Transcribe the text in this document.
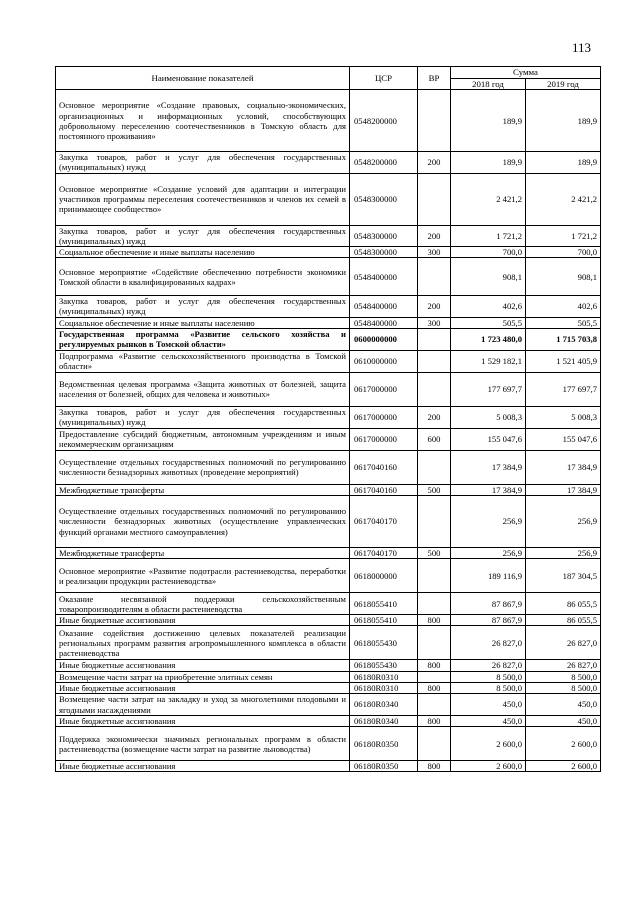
113
Наименование показателей	ЦСР	ВР	Сумма	
			2018 год	2019 год
Основное мероприятие «Создание правовых, социально-экономических, организационных и информационных условий, способствующих добровольному переселению соотечественников в Томскую область для постоянного проживания»	0548200000		189,9	189,9
Закупка товаров, работ и услуг для обеспечения государственных (муниципальных) нужд	0548200000	200	189,9	189,9
Основное мероприятие «Создание условий для адаптации и интеграции участников программы переселения соотечественников и членов их семей в принимающее сообщество»	0548300000		2 421,2	2 421,2
Закупка товаров, работ и услуг для обеспечения государственных (муниципальных) нужд	0548300000	200	1 721,2	1 721,2
Социальное обеспечение и иные выплаты населению	0548300000	300	700,0	700,0
Основное мероприятие «Содействие обеспечению потребности экономики Томской области в квалифицированных кадрах»	0548400000		908,1	908,1
Закупка товаров, работ и услуг для обеспечения государственных (муниципальных) нужд	0548400000	200	402,6	402,6
Социальное обеспечение и иные выплаты населению	0548400000	300	505,5	505,5
Государственная программа «Развитие сельского хозяйства и регулируемых рынков в Томской области»	0600000000		1 723 480,0	1 715 703,8
Подпрограмма «Развитие сельскохозяйственного производства в Томской области»	0610000000		1 529 182,1	1 521 405,9
Ведомственная целевая программа «Защита животных от болезней, защита населения от болезней, общих для человека и животных»	0617000000		177 697,7	177 697,7
Закупка товаров, работ и услуг для обеспечения государственных (муниципальных) нужд	0617000000	200	5 008,3	5 008,3
Предоставление субсидий бюджетным, автономным учреждениям и иным некоммерческим организациям	0617000000	600	155 047,6	155 047,6
Осуществление отдельных государственных полномочий по регулированию численности безнадзорных животных (проведение мероприятий)	0617040160		17 384,9	17 384,9
Межбюджетные трансферты	0617040160	500	17 384,9	17 384,9
Осуществление отдельных государственных полномочий по регулированию численности безнадзорных животных (осуществление управленческих функций органами местного самоуправления)	0617040170		256,9	256,9
Межбюджетные трансферты	0617040170	500	256,9	256,9
Основное мероприятие «Развитие подотрасли растениеводства, переработки и реализации продукции растениеводства»	0618000000		189 116,9	187 304,5
Оказание несвязанной поддержки сельскохозяйственным товаропроизводителям в области растениеводства	0618055410		87 867,9	86 055,5
Иные бюджетные ассигнования	0618055410	800	87 867,9	86 055,5
Оказание содействия достижению целевых показателей реализации региональных программ развития агропромышленного комплекса в области растениеводства	0618055430		26 827,0	26 827,0
Иные бюджетные ассигнования	0618055430	800	26 827,0	26 827,0
Возмещение части затрат на приобретение элитных семян	06180R0310		8 500,0	8 500,0
Иные бюджетные ассигнования	06180R0310	800	8 500,0	8 500,0
Возмещение части затрат на закладку и уход за многолетними плодовыми и ягодными насаждениями	06180R0340		450,0	450,0
Иные бюджетные ассигнования	06180R0340	800	450,0	450,0
Поддержка экономически значимых региональных программ в области растениеводства (возмещение части затрат на развитие льноводства)	06180R0350		2 600,0	2 600,0
Иные бюджетные ассигнования	06180R0350	800	2 600,0	2 600,0
